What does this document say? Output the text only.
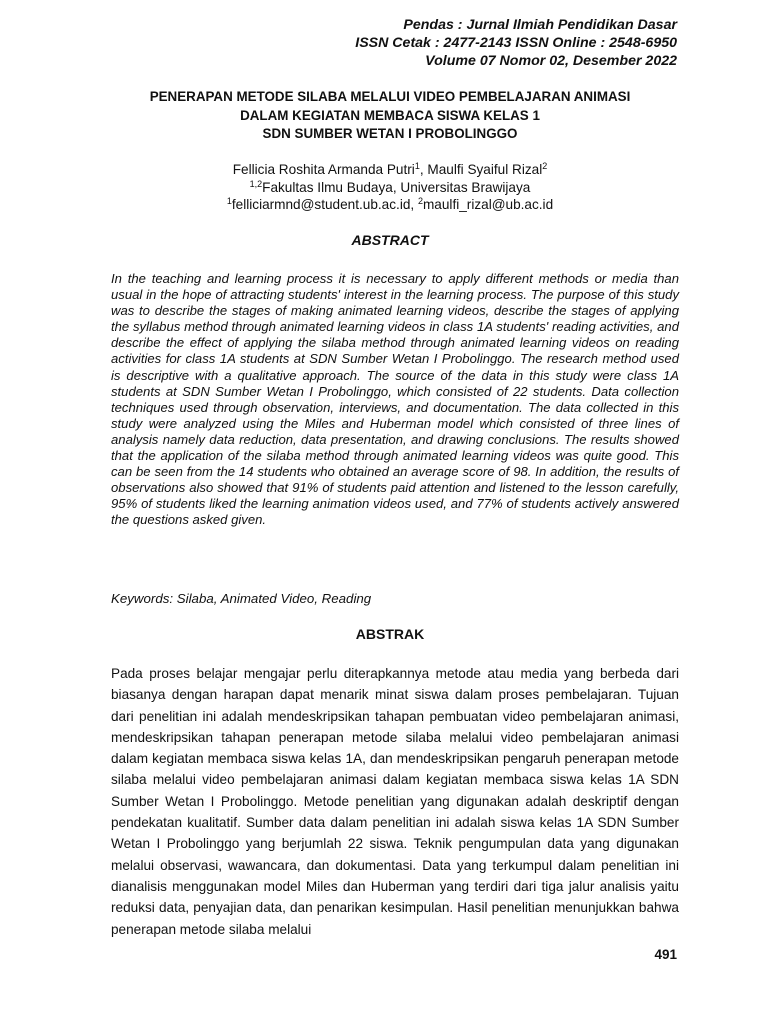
Pendas : Jurnal Ilmiah Pendidikan Dasar
ISSN Cetak : 2477-2143 ISSN Online : 2548-6950
Volume 07 Nomor 02, Desember 2022
PENERAPAN METODE SILABA MELALUI VIDEO PEMBELAJARAN ANIMASI
DALAM KEGIATAN MEMBACA SISWA KELAS 1
SDN SUMBER WETAN I PROBOLINGGO
Fellicia Roshita Armanda Putri$^1$, Maulfi Syaiful Rizal$^2$
$^{1,2}$Fakultas Ilmu Budaya, Universitas Brawijaya
$^1$felliciarmnd@student.ub.ac.id, $^2$maulfi_rizal@ub.ac.id
ABSTRACT

In the teaching and learning process it is necessary to apply different methods or media than usual in the hope of attracting students' interest in the learning process. The purpose of this study was to describe the stages of making animated learning videos, describe the stages of applying the syllabus method through animated learning videos in class 1A students' reading activities, and describe the effect of applying the silaba method through animated learning videos on reading activities for class 1A students at SDN Sumber Wetan I Probolinggo. The research method used is descriptive with a qualitative approach. The source of the data in this study were class 1A students at SDN Sumber Wetan I Probolinggo, which consisted of 22 students. Data collection techniques used through observation, interviews, and documentation. The data collected in this study were analyzed using the Miles and Huberman model which consisted of three lines of analysis namely data reduction, data presentation, and drawing conclusions. The results showed that the application of the silaba method through animated learning videos was quite good. This can be seen from the 14 students who obtained an average score of 98. In addition, the results of observations also showed that 91% of students paid attention and listened to the lesson carefully, 95% of students liked the learning animation videos used, and 77% of students actively answered the questions asked given.

Keywords: Silaba, Animated Video, Reading
ABSTRAK

Pada proses belajar mengajar perlu diterapkannya metode atau media yang berbeda dari biasanya dengan harapan dapat menarik minat siswa dalam proses pembelajaran. Tujuan dari penelitian ini adalah mendeskripsikan tahapan pembuatan video pembelajaran animasi, mendeskripsikan tahapan penerapan metode silaba melalui video pembelajaran animasi dalam kegiatan membaca siswa kelas 1A, dan mendeskripsikan pengaruh penerapan metode silaba melalui video pembelajaran animasi dalam kegiatan membaca siswa kelas 1A SDN Sumber Wetan I Probolinggo. Metode penelitian yang digunakan adalah deskriptif dengan pendekatan kualitatif. Sumber data dalam penelitian ini adalah siswa kelas 1A SDN Sumber Wetan I Probolinggo yang berjumlah 22 siswa. Teknik pengumpulan data yang digunakan melalui observasi, wawancara, dan dokumentasi. Data yang terkumpul dalam penelitian ini dianalisis menggunakan model Miles dan Huberman yang terdiri dari tiga jalur analisis yaitu reduksi data, penyajian data, dan penarikan kesimpulan. Hasil penelitian menunjukkan bahwa penerapan metode silaba melalui

491
